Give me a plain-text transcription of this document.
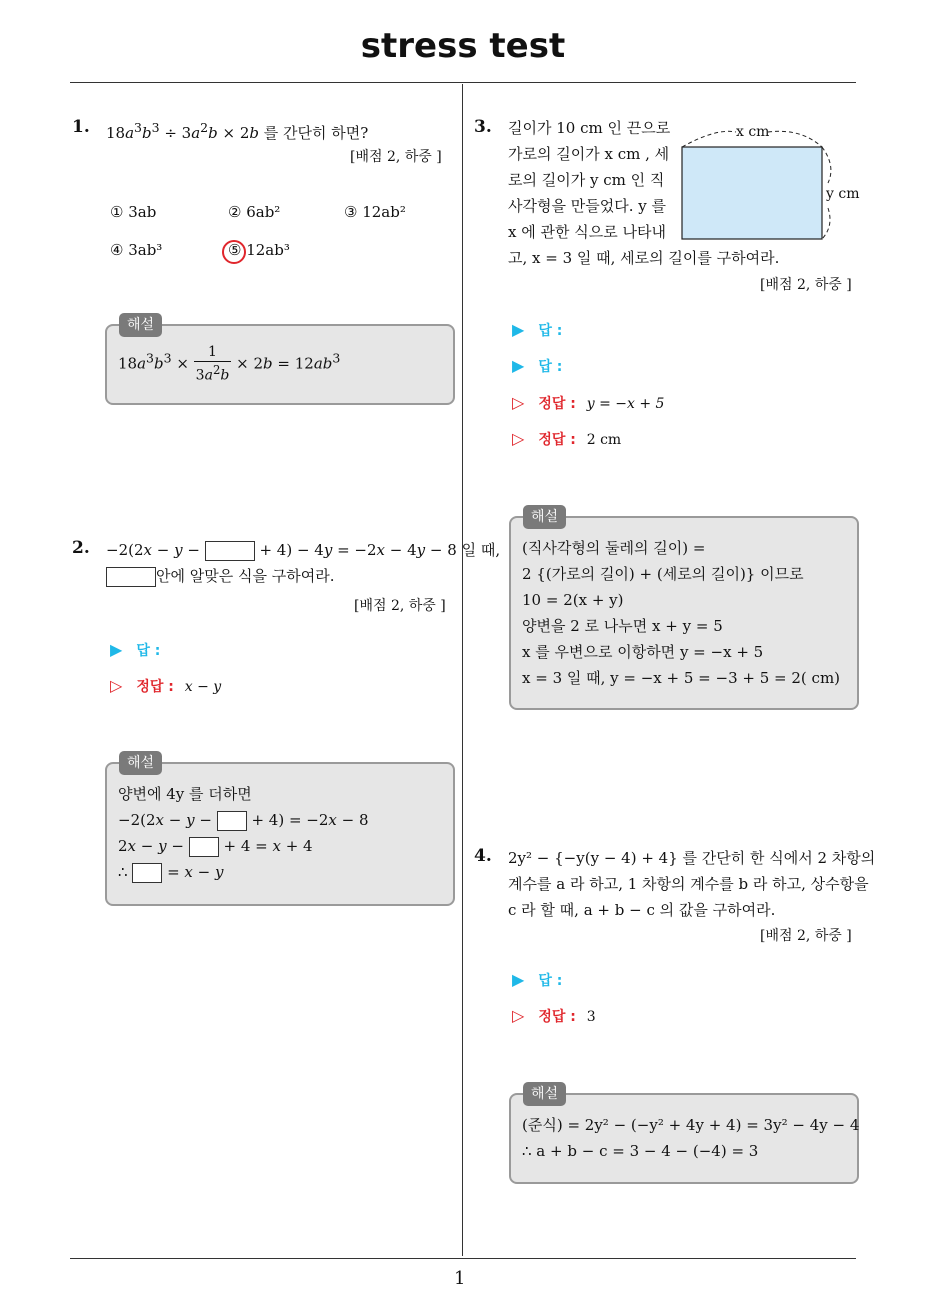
stress test
1
1. $18a^3b^3 \div 3a^2b \times 2b$ 를 간단히 하면?
[배점 2, 하중 ]
① 3ab	② 6ab²	③ 12ab²
④ 3ab³	⑤ 12ab³
해설
$18a^3b^3 \times \frac{1}{3a^2b} \times 2b = 12ab^3$
2. −2(2x − y −	+ 4) − 4y = −2x − 4y − 8 일 때,
안에 알맞은 식을 구하여라.
[배점 2, 하중 ]
▶ 답 :
▷ 정답 : x − y
해설
양변에 4y 를 더하면
−2(2x − y −  + 4) = −2x − 8
2x − y −  + 4 = x + 4
∴  = x − y
3. 길이가 10 cm 인 끈으로
가로의 길이가 x cm , 세
로의 길이가 y cm 인 직
사각형을 만들었다. y 를
x 에 관한 식으로 나타내
고, x = 3 일 때, 세로의 길이를 구하여라.
[배점 2, 하중 ]
x cm
y cm
▶ 답 :
▶ 답 :
▷ 정답 : y = −x + 5
▷ 정답 : 2 cm
해설
(직사각형의 둘레의 길이) =
2 {(가로의 길이) + (세로의 길이)} 이므로
10 = 2(x + y)
양변을 2 로 나누면 x + y = 5
x 를 우변으로 이항하면 y = −x + 5
x = 3 일 때, y = −x + 5 = −3 + 5 = 2( cm)
4. 2y² − {−y(y − 4) + 4} 를 간단히 한 식에서 2 차항의
계수를 a 라 하고, 1 차항의 계수를 b 라 하고, 상수항을
c 라 할 때, a + b − c 의 값을 구하여라.
[배점 2, 하중 ]
▶ 답 :
▷ 정답 : 3
해설
(준식) = 2y² − (−y² + 4y + 4) = 3y² − 4y − 4
∴ a + b − c = 3 − 4 − (−4) = 3
